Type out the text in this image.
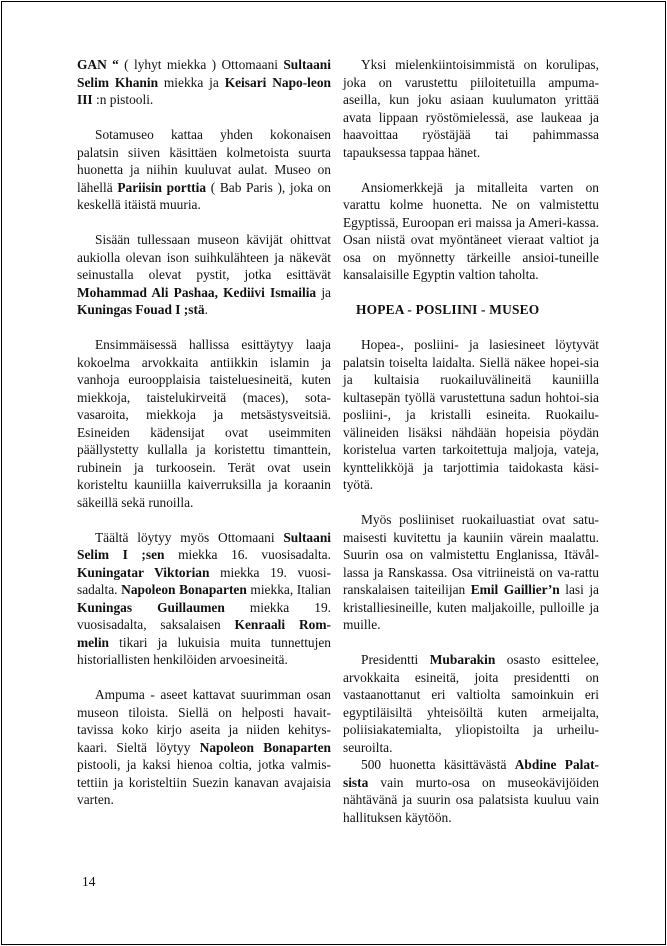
GAN “ ( lyhyt miekka ) Ottomaani Sultaani Selim Khanin miekka ja Keisari Napo-leon III :n pistooli.

Sotamuseo kattaa yhden kokonaisen palatsin siiven käsittäen kolmetoista suurta huonetta ja niihin kuuluvat aulat. Museo on lähellä Pariisin porttia ( Bab Paris ), joka on keskellä itäistä muuria.

Sisään tullessaan museon kävijät ohittvat aukiolla olevan ison suihkulähteen ja näkevät seinustalla olevat pystit, jotka esittävät Mohammad Ali Pashaa, Kediivi Ismailia ja Kuningas Fouad I ;stä.

Ensimmäisessä hallissa esittäytyy laaja kokoelma arvokkaita antiikkin islamin ja vanhoja euroopplaisia taisteluesineitä, kuten miekkoja, taistelukirveitä (maces), sota-vasaroita, miekkoja ja metsästysveitsiä. Esineiden kädensijat ovat useimmiten päällystetty kullalla ja koristettu timanttein, rubinein ja turkoosein. Terät ovat usein koristeltu kauniilla kaiverruksilla ja koraanin säkeillä sekä runoilla.

Täältä löytyy myös Ottomaani Sultaani Selim I ;sen miekka 16. vuosisadalta. Kuningatar Viktorian miekka 19. vuosi-sadalta. Napoleon Bonaparten miekka, Italian Kuningas Guillaumen miekka 19. vuosisadalta, saksalaisen Kenraali Rom-melin tikari ja lukuisia muita tunnettujen historiallisten henkilöiden arvoesineitä.

Ampuma - aseet kattavat suurimman osan museon tiloista. Siellä on helposti havait-tavissa koko kirjo aseita ja niiden kehitys-kaari. Sieltä löytyy Napoleon Bonaparten pistooli, ja kaksi hienoa coltia, jotka valmis-tettiin ja koristeltiin Suezin kanavan avajaisia varten.

Yksi mielenkiintoisimmistä on korulipas, joka on varustettu piiloitetuilla ampuma-aseilla, kun joku asiaan kuulumaton yrittää avata lippaan ryöstömielessä, ase laukeaa ja haavoittaa ryöstäjää tai pahimmassa tapauksessa tappaa hänet.

Ansiomerkkejä ja mitalleita varten on varattu kolme huonetta. Ne on valmistettu Egyptissä, Euroopan eri maissa ja Ameri-kassa. Osan niistä ovat myöntäneet vieraat valtiot ja osa on myönnetty tärkeille ansioi-tuneille kansalaisille Egyptin valtion taholta.

HOPEA - POSLIINI - MUSEO

Hopea-, posliini- ja lasiesineet löytyvät palatsin toiselta laidalta. Siellä näkee hopei-sia ja kultaisia ruokailuvälineitä kauniilla kultasepän työllä varustettuna sadun hohtoi-sia posliini-, ja kristalli esineita. Ruokailu-välineiden lisäksi nähdään hopeisia pöydän koristelua varten tarkoitettuja maljoja, vateja, kynttelikköjä ja tarjottimia taidokasta käsi-työtä.

Myös posliiniset ruokailuastiat ovat satu-maisesti kuvitettu ja kauniin värein maalattu. Suurin osa on valmistettu Englanissa, Itävål-lassa ja Ranskassa. Osa vitriineistä on va-rattu ranskalaisen taiteilijan Emil Gaillier’n lasi ja kristalliesineille, kuten maljakoille, pulloille ja muille.

Presidentti Mubarakin osasto esittelee, arvokkaita esineitä, joita presidentti on vastaanottanut eri valtiolta samoinkuin eri egyptiläisiltä yhteisöiltä kuten armeijalta, poliisiakatemialta, yliopistoilta ja urheilu-seuroilta.

500 huonetta käsittävästä Abdine Palat-sista vain murto-osa on museokävijöiden nähtävänä ja suurin osa palatsista kuuluu vain hallituksen käytöön.

14
